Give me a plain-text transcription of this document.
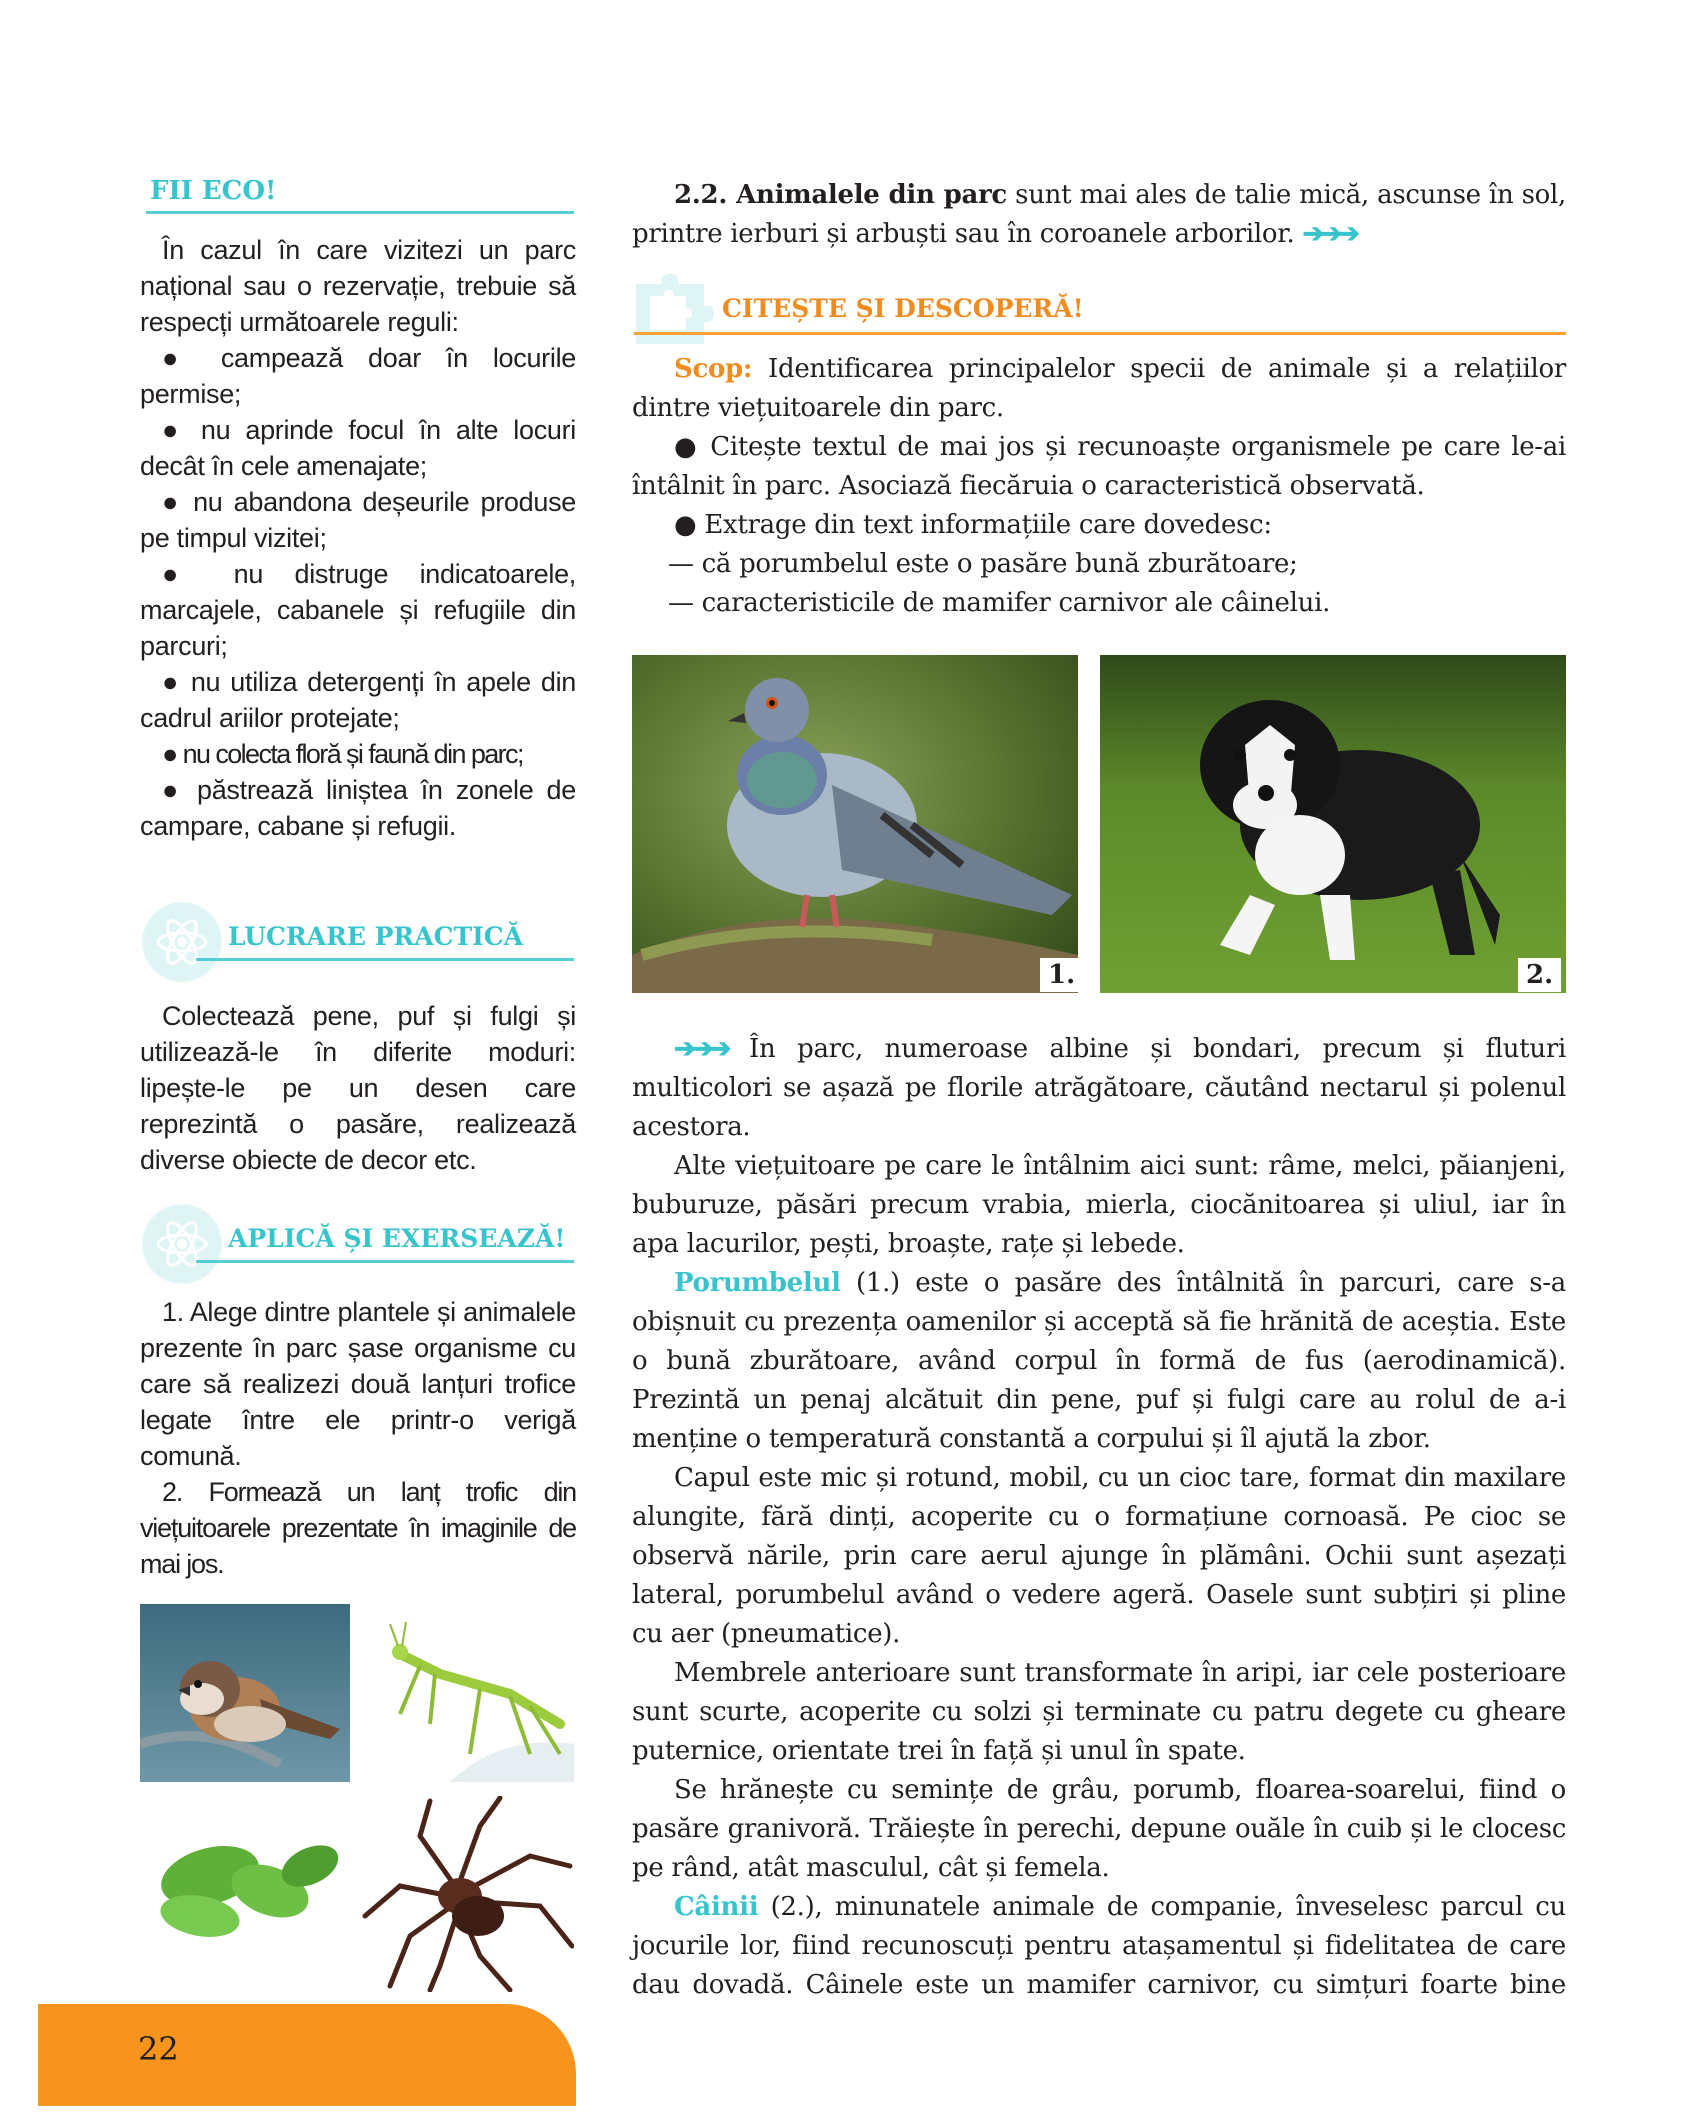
FII ECO!
În cazul în care vizitezi un parc național sau o rezervație, trebuie să respecți următoarele reguli:
● campează doar în locurile permise;
● nu aprinde focul în alte locuri decât în cele amenajate;
● nu abandona deșeurile produse pe timpul vizitei;
● nu distruge indicatoarele, marcajele, cabanele și refugiile din parcuri;
● nu utiliza detergenți în apele din cadrul ariilor protejate;
● nu colecta floră și faună din parc;
● păstrează liniștea în zonele de campare, cabane și refugii.
LUCRARE PRACTICĂ
Colectează pene, puf și fulgi și utilizează-le în diferite moduri: lipește-le pe un desen care reprezintă o pasăre, realizează diverse obiecte de decor etc.
APLICĂ ȘI EXERSEAZĂ!
1. Alege dintre plantele și animalele prezente în parc șase organisme cu care să realizezi două lanțuri trofice legate între ele printr-o verigă comună.
2. Formează un lanț trofic din viețuitoarele prezentate în imaginile de mai jos.
22

2.2. Animalele din parc sunt mai ales de talie mică, ascunse în sol, printre ierburi și arbuști sau în coroanele arborilor. ➔➔➔

CITEȘTE ȘI DESCOPERĂ!

Scop: Identificarea principalelor specii de animale și a relațiilor dintre viețuitoarele din parc.
● Citește textul de mai jos și recunoaște organismele pe care le-ai întâlnit în parc. Asociază fiecăruia o caracteristică observată.
● Extrage din text informațiile care dovedesc:
— că porumbelul este o pasăre bună zburătoare;
— caracteristicile de mamifer carnivor ale câinelui.

1.	2.
➔➔➔ În parc, numeroase albine și bondari, precum și fluturi multicolori se așază pe florile atrăgătoare, căutând nectarul și polenul acestora.
Alte viețuitoare pe care le întâlnim aici sunt: râme, melci, păianjeni, buburuze, păsări precum vrabia, mierla, ciocănitoarea și uliul, iar în apa lacurilor, pești, broaște, rațe și lebede.
Porumbelul (1.) este o pasăre des întâlnită în parcuri, care s-a obișnuit cu prezența oamenilor și acceptă să fie hrănită de aceștia. Este o bună zburătoare, având corpul în formă de fus (aerodinamică). Prezintă un penaj alcătuit din pene, puf și fulgi care au rolul de a-i menține o temperatură constantă a corpului și îl ajută la zbor.
Capul este mic și rotund, mobil, cu un cioc tare, format din maxilare alungite, fără dinți, acoperite cu o formațiune cornoasă. Pe cioc se observă nările, prin care aerul ajunge în plămâni. Ochii sunt așezați lateral, porumbelul având o vedere ageră. Oasele sunt subțiri și pline cu aer (pneumatice).
Membrele anterioare sunt transformate în aripi, iar cele posterioare sunt scurte, acoperite cu solzi și terminate cu patru degete cu gheare puternice, orientate trei în față și unul în spate.
Se hrănește cu semințe de grâu, porumb, floarea-soarelui, fiind o pasăre granivoră. Trăiește în perechi, depune ouăle în cuib și le clocesc pe rând, atât masculul, cât și femela.
Câinii (2.), minunatele animale de companie, înveselesc parcul cu jocurile lor, fiind recunoscuți pentru atașamentul și fidelitatea de care dau dovadă. Câinele este un mamifer carnivor, cu simțuri foarte bine
